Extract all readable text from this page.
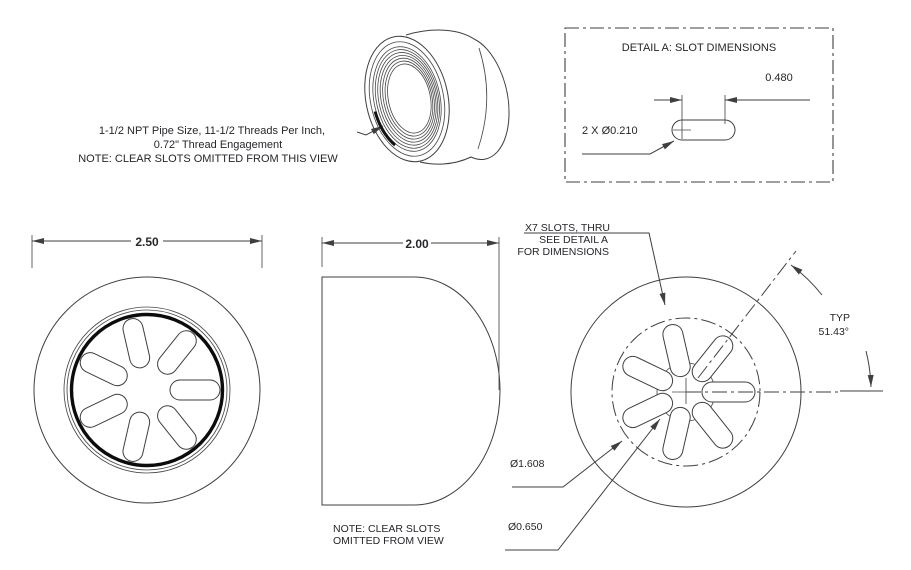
1-1/2 NPT Pipe Size, 11-1/2 Threads Per Inch,
0.72" Thread Engagement
NOTE: CLEAR SLOTS OMITTED FROM THIS VIEW
DETAIL A: SLOT DIMENSIONS
0.480
2 X Ø0.210
2.50	2.00
NOTE: CLEAR SLOTS
OMITTED FROM VIEW
TYP
51.43°
X7 SLOTS, THRU
SEE DETAIL A
FOR DIMENSIONS
Ø1.608
Ø0.650
